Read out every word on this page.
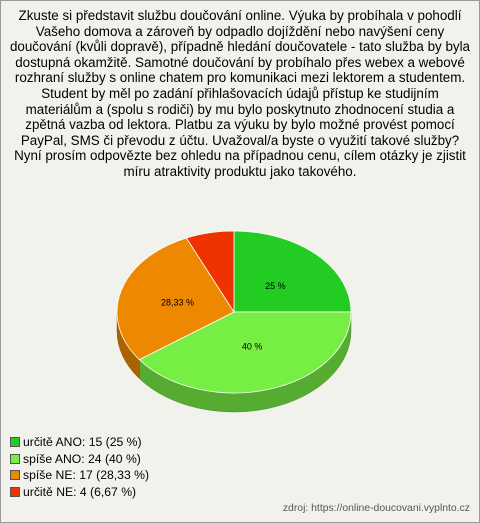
Zkuste si představit službu doučování online. Výuka by probíhala v pohodlí Vašeho domova a zároveň by odpadlo dojíždění nebo navýšení ceny doučování (kvůli dopravě), případně hledání doučovatele - tato služba by byla dostupná okamžitě. Samotné doučování by probíhalo přes webex a webové rozhraní služby s online chatem pro komunikaci mezi lektorem a studentem. Student by měl po zadání přihlašovacích údajů přístup ke studijním materiálům a (spolu s rodiči) by mu bylo poskytnuto zhodnocení studia a zpětná vazba od lektora. Platbu za výuku by bylo možné provést pomocí PayPal, SMS či převodu z účtu. Uvažoval/a byste o využití takové služby? Nyní prosím odpovězte bez ohledu na případnou cenu, cílem otázky je zjistit míru atraktivity produktu jako takového.

25 %
40 %
28,33 %
určitě ANO: 15 (25 %)
spíše ANO: 24 (40 %)
spíše NE: 17 (28,33 %)
určitě NE: 4 (6,67 %)
zdroj: https://online-doucovani.vyplnto.cz
